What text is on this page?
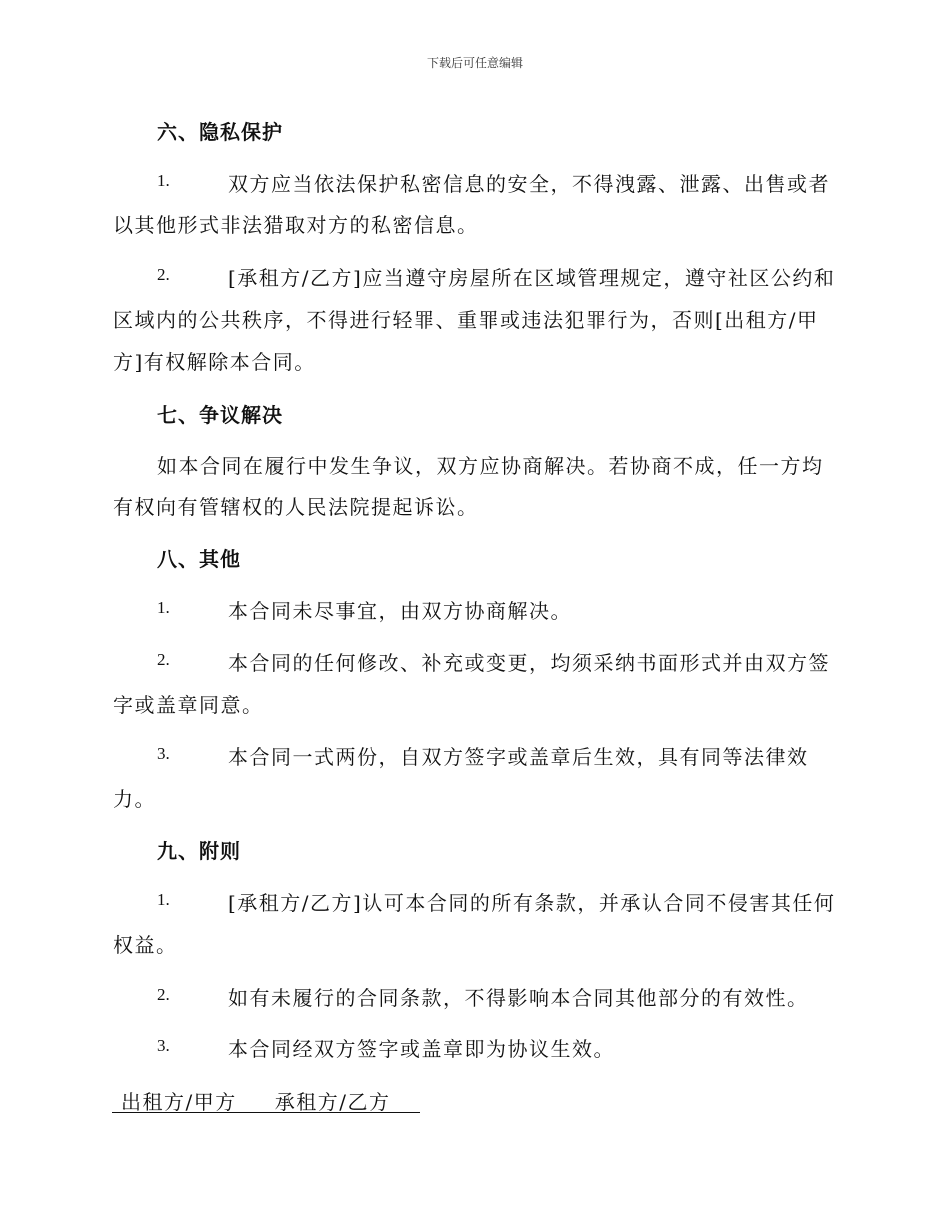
下载后可任意编辑
六、隐私保护
1.	双方应当依法保护私密信息的安全，不得洩露、泄露、出售或者
以其他形式非法猎取对方的私密信息。
2.	[承租方/乙方]应当遵守房屋所在区域管理规定，遵守社区公约和
区域内的公共秩序，不得进行轻罪、重罪或违法犯罪行为，否则[出租方/甲
方]有权解除本合同。
七、争议解决
如本合同在履行中发生争议，双方应协商解决。若协商不成，任一方均
有权向有管辖权的人民法院提起诉讼。
八、其他
1.	本合同未尽事宜，由双方协商解决。
2.	本合同的任何修改、补充或变更，均须采纳书面形式并由双方签
字或盖章同意。
3.	本合同一式两份，自双方签字或盖章后生效，具有同等法律效
力。
九、附则
1.	[承租方/乙方]认可本合同的所有条款，并承认合同不侵害其任何
权益。
2.	如有未履行的合同条款，不得影响本合同其他部分的有效性。
3.	本合同经双方签字或盖章即为协议生效。
出租方/甲方 承租方/乙方
